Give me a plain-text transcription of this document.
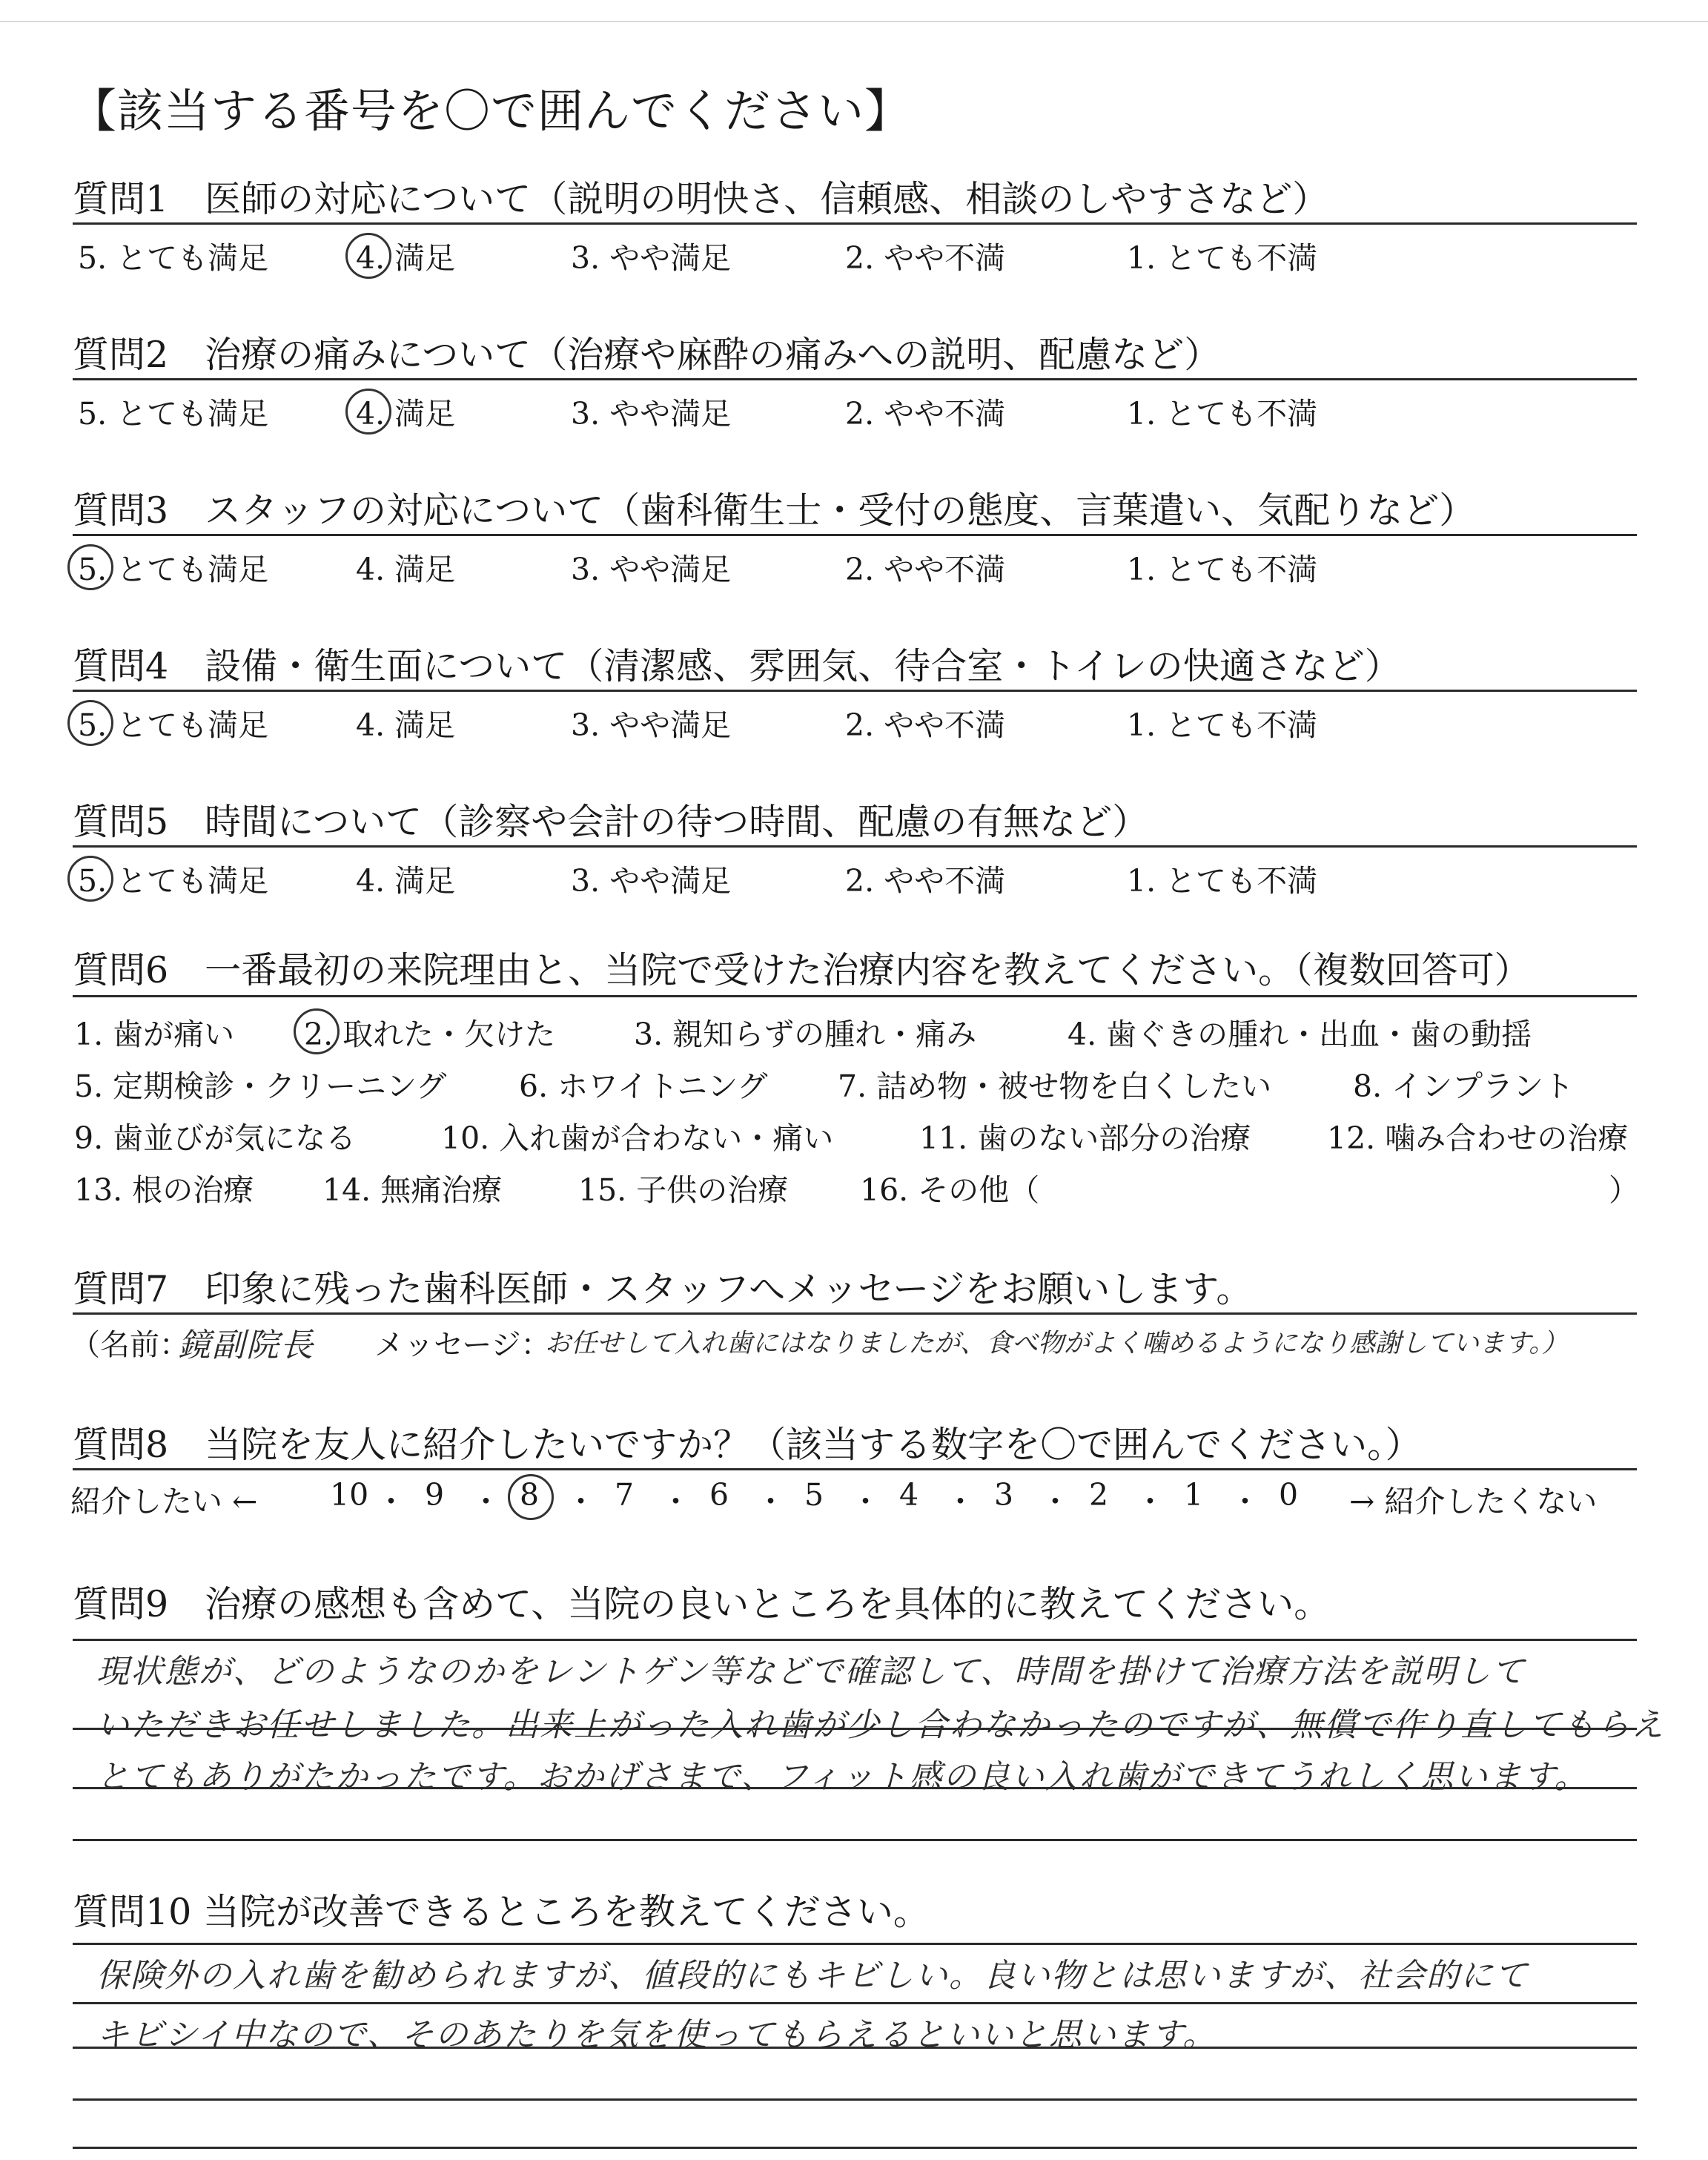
【該当する番号を〇で囲んでください】
質問1　医師の対応について（説明の明快さ、信頼感、相談のしやすさなど）
5. とても満足	4. 満足	3. やや満足	2. やや不満	1. とても不満
質問2　治療の痛みについて（治療や麻酔の痛みへの説明、配慮など）
5. とても満足	4. 満足	3. やや満足	2. やや不満	1. とても不満
質問3　スタッフの対応について（歯科衛生士・受付の態度、言葉遣い、気配りなど）
5. とても満足	4. 満足	3. やや満足	2. やや不満	1. とても不満
質問4　設備・衛生面について（清潔感、雰囲気、待合室・トイレの快適さなど）
5. とても満足	4. 満足	3. やや満足	2. やや不満	1. とても不満
質問5　時間について（診察や会計の待つ時間、配慮の有無など）
5. とても満足	4. 満足	3. やや満足	2. やや不満	1. とても不満
質問6　一番最初の来院理由と、当院で受けた治療内容を教えてください。（複数回答可）
1. 歯が痛い 2. 取れた・欠けた	3. 親知らずの腫れ・痛み	4. 歯ぐきの腫れ・出血・歯の動揺
5. 定期検診・クリーニング 6. ホワイトニング 7. 詰め物・被せ物を白くしたい	8. インプラント
9. 歯並びが気になる	10. 入れ歯が合わない・痛い	11. 歯のない部分の治療	12. 噛み合わせの治療
13. 根の治療 14. 無痛治療	15. 子供の治療 16. その他（	）
質問7　印象に残った歯科医師・スタッフへメッセージをお願いします。
（名前：
鏡副院長 メッセージ：
お任せして入れ歯にはなりましたが、食べ物がよく噛めるようになり感謝しています。）
質問8　当院を友人に紹介したいですか？（該当する数字を〇で囲んでください。）
紹介したい ←	→ 紹介したくない
10 ・ 9 ・ 8 ・ 7 ・ 6 ・ 5 ・ 4 ・ 3 ・ 2 ・ 1 ・ 0
質問9　治療の感想も含めて、当院の良いところを具体的に教えてください。
現状態が、どのようなのかをレントゲン等などで確認して、時間を掛けて治療方法を説明して
いただきお任せしました。出来上がった入れ歯が少し合わなかったのですが、無償で作り直してもらえ
とてもありがたかったです。おかげさまで、フィット感の良い入れ歯ができてうれしく思います。
質問10 当院が改善できるところを教えてください。
保険外の入れ歯を勧められますが、値段的にもキビしい。良い物とは思いますが、社会的にて
キビシイ中なので、そのあたりを気を使ってもらえるといいと思います。
